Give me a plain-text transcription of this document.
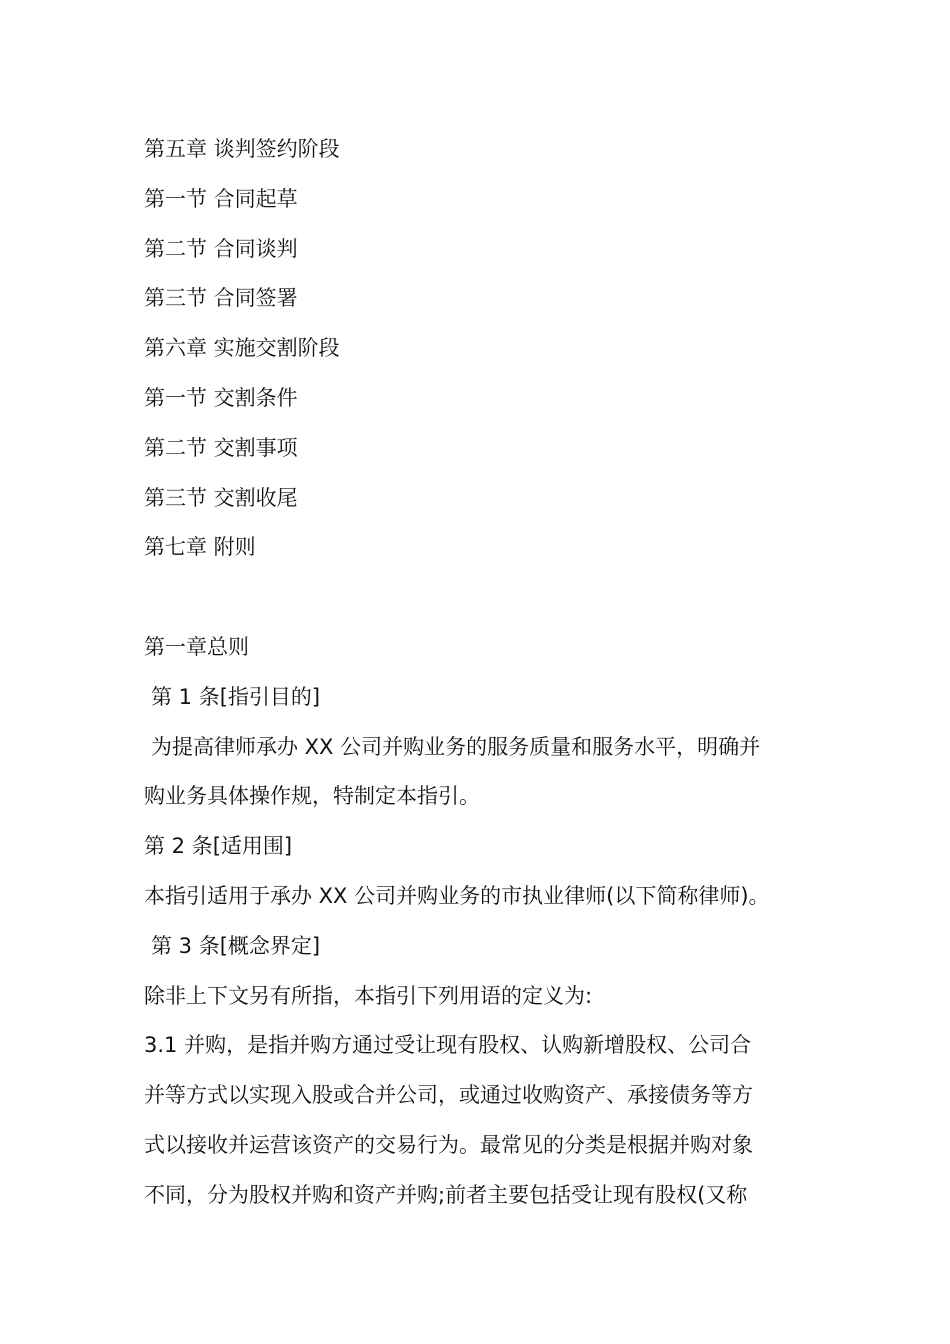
第五章 谈判签约阶段
第一节 合同起草
第二节 合同谈判
第三节 合同签署
第六章 实施交割阶段
第一节 交割条件
第二节 交割事项
第三节 交割收尾
第七章 附则
第一章总则
第 1 条[指引目的]
为提高律师承办 XX 公司并购业务的服务质量和服务水平，明确并
购业务具体操作规，特制定本指引。
第 2 条[适用围]
本指引适用于承办 XX 公司并购业务的市执业律师(以下简称律师)。
第 3 条[概念界定]
除非上下文另有所指，本指引下列用语的定义为:
3.1 并购，是指并购方通过受让现有股权、认购新增股权、公司合
并等方式以实现入股或合并公司，或通过收购资产、承接债务等方
式以接收并运营该资产的交易行为。最常见的分类是根据并购对象
不同，分为股权并购和资产并购;前者主要包括受让现有股权(又称
